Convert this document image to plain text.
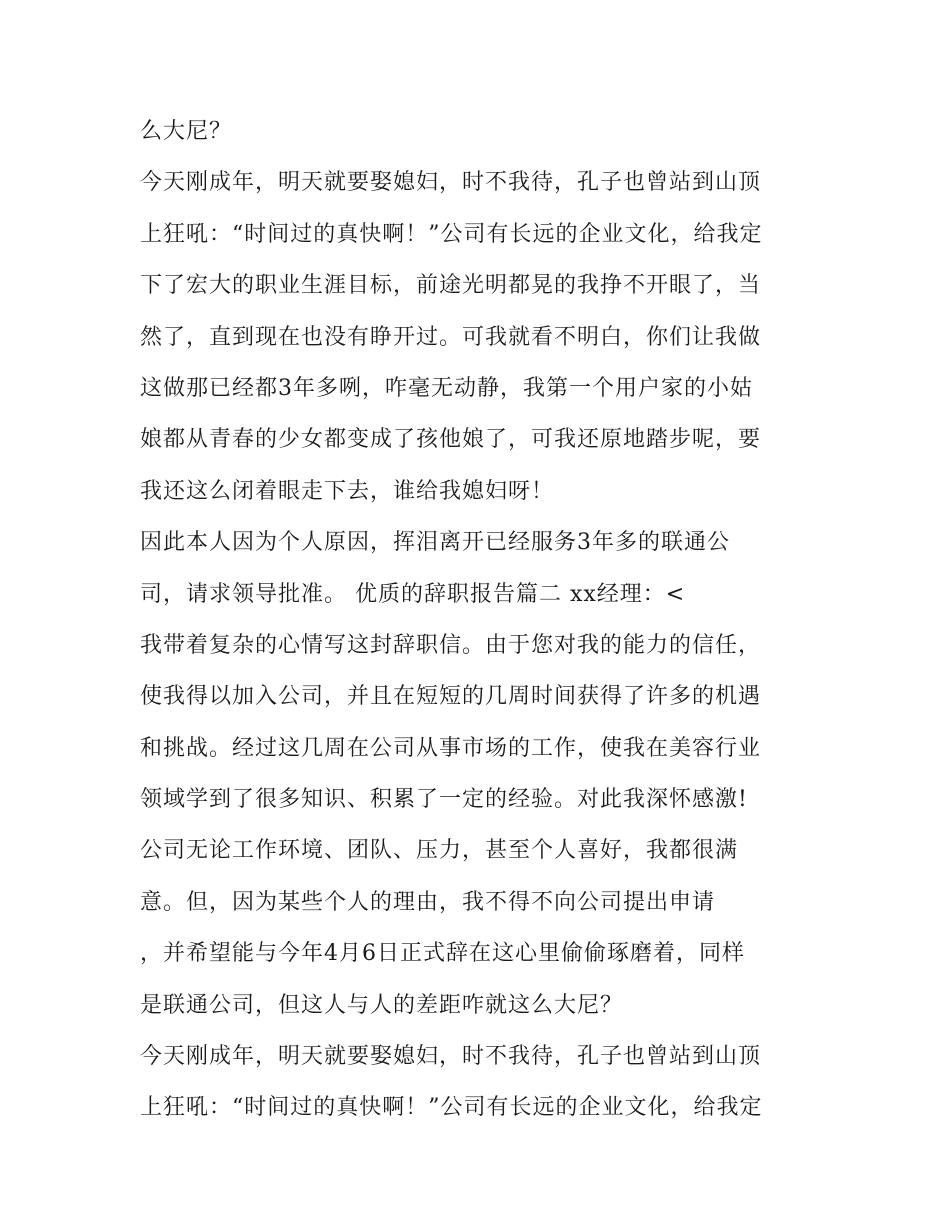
么大尼？
今天刚成年，明天就要娶媳妇，时不我待，孔子也曾站到山顶
上狂吼：“时间过的真快啊！”公司有长远的企业文化，给我定
下了宏大的职业生涯目标，前途光明都晃的我挣不开眼了，当
然了，直到现在也没有睁开过。可我就看不明白，你们让我做
这做那已经都3年多咧，咋毫无动静，我第一个用户家的小姑
娘都从青春的少女都变成了孩他娘了，可我还原地踏步呢，要
我还这么闭着眼走下去，谁给我媳妇呀！
因此本人因为个人原因，挥泪离开已经服务3年多的联通公
司，请求领导批准。 优质的辞职报告篇二 xx经理：<
我带着复杂的心情写这封辞职信。由于您对我的能力的信任，
使我得以加入公司，并且在短短的几周时间获得了许多的机遇
和挑战。经过这几周在公司从事市场的工作，使我在美容行业
领域学到了很多知识、积累了一定的经验。对此我深怀感激!
公司无论工作环境、团队、压力，甚至个人喜好，我都很满
意。但，因为某些个人的理由，我不得不向公司提出申请
，并希望能与今年4月6日正式辞在这心里偷偷琢磨着，同样
是联通公司，但这人与人的差距咋就这么大尼？
今天刚成年，明天就要娶媳妇，时不我待，孔子也曾站到山顶
上狂吼：“时间过的真快啊！”公司有长远的企业文化，给我定
